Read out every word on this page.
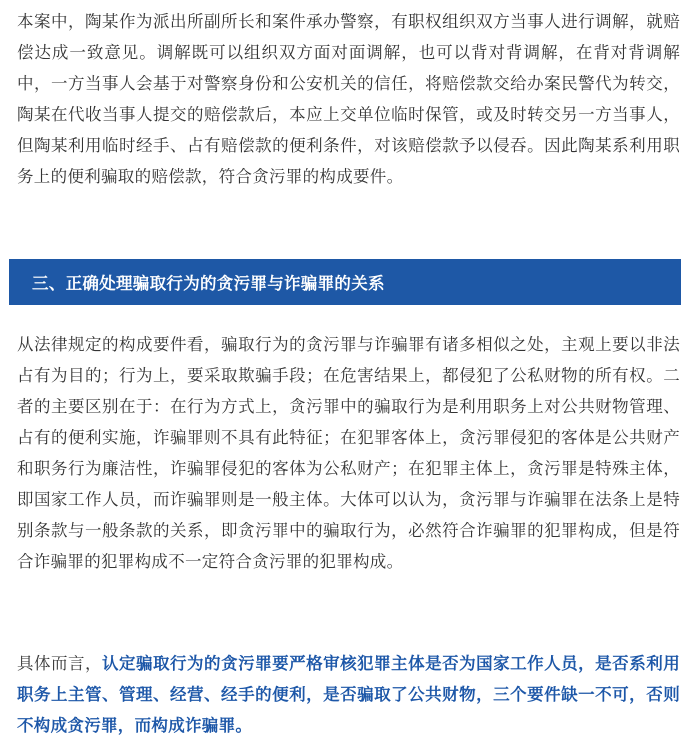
本案中，陶某作为派出所副所长和案件承办警察，有职权组织双方当事人进行调解，就赔偿达成一致意见。调解既可以组织双方面对面调解，也可以背对背调解，在背对背调解中，一方当事人会基于对警察身份和公安机关的信任，将赔偿款交给办案民警代为转交，陶某在代收当事人提交的赔偿款后，本应上交单位临时保管，或及时转交另一方当事人，但陶某利用临时经手、占有赔偿款的便利条件，对该赔偿款予以侵吞。因此陶某系利用职务上的便利骗取的赔偿款，符合贪污罪的构成要件。

三、正确处理骗取行为的贪污罪与诈骗罪的关系

从法律规定的构成要件看，骗取行为的贪污罪与诈骗罪有诸多相似之处，主观上要以非法占有为目的；行为上，要采取欺骗手段；在危害结果上，都侵犯了公私财物的所有权。二者的主要区别在于：在行为方式上，贪污罪中的骗取行为是利用职务上对公共财物管理、占有的便利实施，诈骗罪则不具有此特征；在犯罪客体上，贪污罪侵犯的客体是公共财产和职务行为廉洁性，诈骗罪侵犯的客体为公私财产；在犯罪主体上，贪污罪是特殊主体，即国家工作人员，而诈骗罪则是一般主体。大体可以认为，贪污罪与诈骗罪在法条上是特别条款与一般条款的关系，即贪污罪中的骗取行为，必然符合诈骗罪的犯罪构成，但是符合诈骗罪的犯罪构成不一定符合贪污罪的犯罪构成。

具体而言，认定骗取行为的贪污罪要严格审核犯罪主体是否为国家工作人员，是否系利用职务上主管、管理、经营、经手的便利，是否骗取了公共财物，三个要件缺一不可，否则不构成贪污罪，而构成诈骗罪。
